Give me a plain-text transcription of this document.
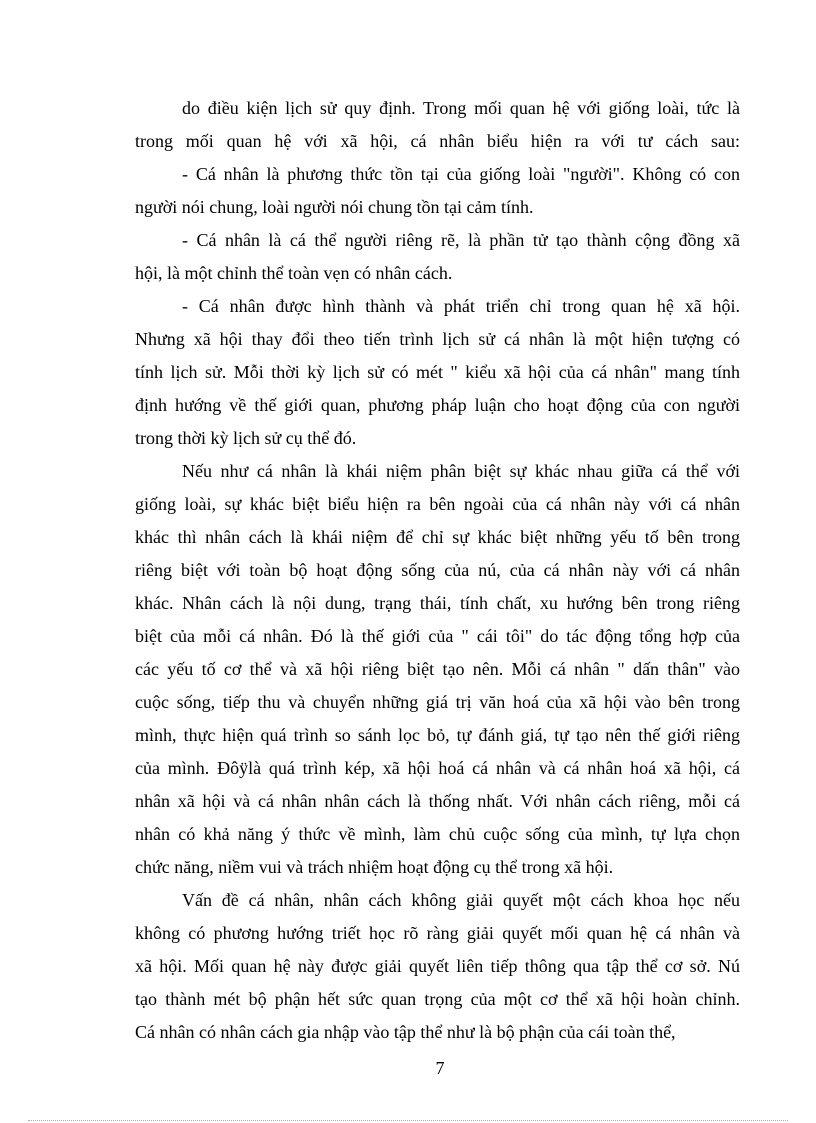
do điều kiện lịch sử quy định. Trong mối quan hệ với giống loài, tức là
trong mối quan hệ với xã hội, cá nhân biểu hiện ra với tư cách sau:
- Cá nhân là phương thức tồn tại của giống loài "người". Không có con
người nói chung, loài người nói chung tồn tại cảm tính.
- Cá nhân là cá thể người riêng rẽ, là phần tử tạo thành cộng đồng xã
hội, là một chỉnh thể toàn vẹn có nhân cách.
- Cá nhân được hình thành và phát triển chỉ trong quan hệ xã hội.
Nhưng xã hội thay đổi theo tiến trình lịch sử cá nhân là một hiện tượng có
tính lịch sử. Mỗi thời kỳ lịch sử có mét " kiểu xã hội của cá nhân" mang tính
định hướng về thế giới quan, phương pháp luận cho hoạt động của con người
trong thời kỳ lịch sử cụ thể đó.
Nếu như cá nhân là khái niệm phân biệt sự khác nhau giữa cá thể với
giống loài, sự khác biệt biểu hiện ra bên ngoài của cá nhân này với cá nhân
khác thì nhân cách là khái niệm để chỉ sự khác biệt những yếu tố bên trong
riêng biệt với toàn bộ hoạt động sống của nú, của cá nhân này với cá nhân
khác. Nhân cách là nội dung, trạng thái, tính chất, xu hướng bên trong riêng
biệt của mỗi cá nhân. Đó là thế giới của " cái tôi" do tác động tổng hợp của
các yếu tố cơ thể và xã hội riêng biệt tạo nên. Mỗi cá nhân " dấn thân" vào
cuộc sống, tiếp thu và chuyển những giá trị văn hoá của xã hội vào bên trong
mình, thực hiện quá trình so sánh lọc bỏ, tự đánh giá, tự tạo nên thế giới riêng
của mình. Đôÿlà quá trình kép, xã hội hoá cá nhân và cá nhân hoá xã hội, cá
nhân xã hội và cá nhân nhân cách là thống nhất. Với nhân cách riêng, mỗi cá
nhân có khả năng ý thức về mình, làm chủ cuộc sống của mình, tự lựa chọn
chức năng, niềm vui và trách nhiệm hoạt động cụ thể trong xã hội.
Vấn đề cá nhân, nhân cách không giải quyết một cách khoa học nếu
không có phương hướng triết học rõ ràng giải quyết mối quan hệ cá nhân và
xã hội. Mối quan hệ này được giải quyết liên tiếp thông qua tập thể cơ sở. Nú
tạo thành mét bộ phận hết sức quan trọng của một cơ thể xã hội hoàn chỉnh.
Cá nhân có nhân cách gia nhập vào tập thể như là bộ phận của cái toàn thể,
7
